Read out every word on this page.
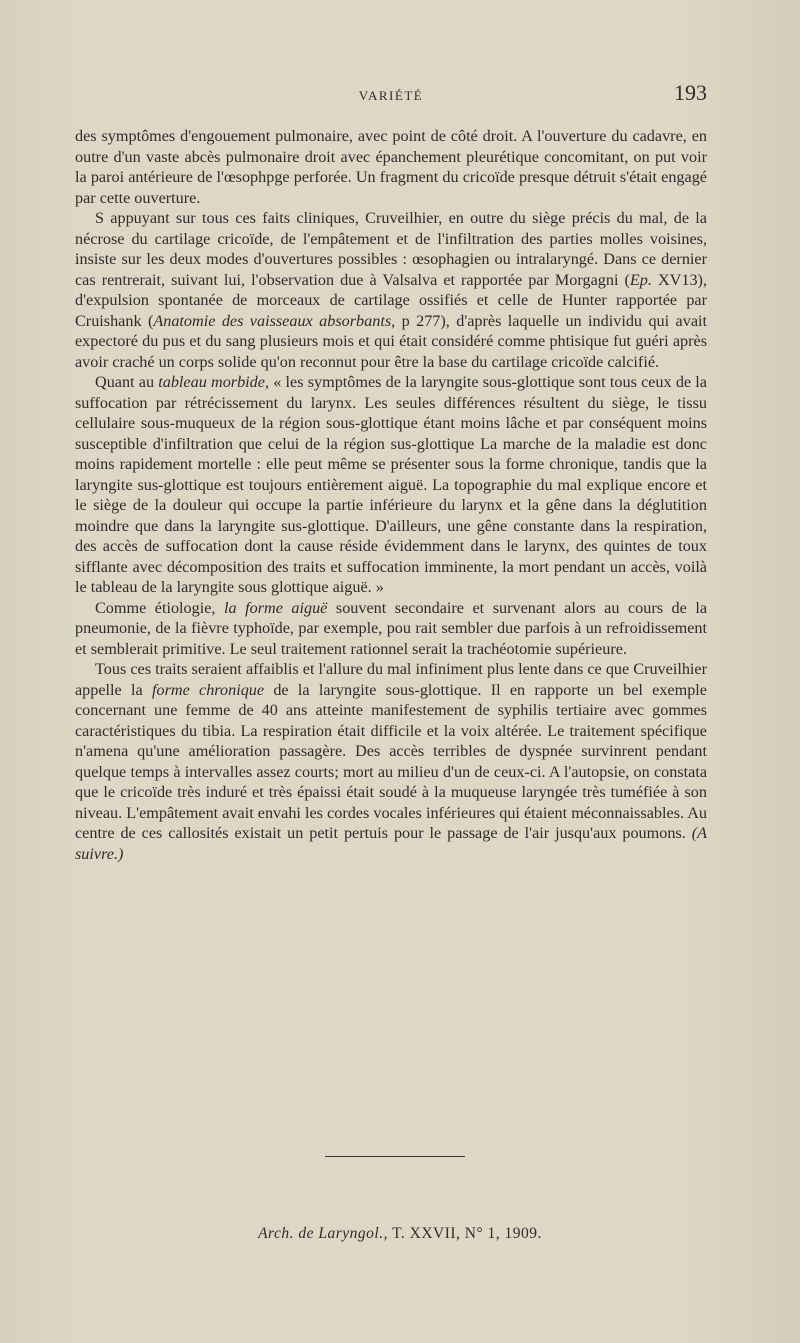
VARIÉTÉ	193

des symptômes d'engouement pulmonaire, avec point de côté droit. A l'ouverture du cadavre, en outre d'un vaste abcès pulmonaire droit avec épanchement pleurétique concomitant, on put voir la paroi antérieure de l'œsophpge perforée. Un fragment du cricoïde presque détruit s'était engagé par cette ouverture.

S appuyant sur tous ces faits cliniques, Cruveilhier, en outre du siège précis du mal, de la nécrose du cartilage cricoïde, de l'empâtement et de l'infiltration des parties molles voisines, insiste sur les deux modes d'ouvertures possibles : œsophagien ou intralaryngé. Dans ce dernier cas rentrerait, suivant lui, l'observation due à Valsalva et rapportée par Morgagni (Ep. XV13), d'expulsion spontanée de morceaux de cartilage ossifiés et celle de Hunter rapportée par Cruishank (Anatomie des vaisseaux absorbants, p 277), d'après laquelle un individu qui avait expectoré du pus et du sang plusieurs mois et qui était considéré comme phtisique fut guéri après avoir craché un corps solide qu'on reconnut pour être la base du cartilage cricoïde calcifié.

Quant au tableau morbide, « les symptômes de la laryngite sous-glottique sont tous ceux de la suffocation par rétrécissement du larynx. Les seules différences résultent du siège, le tissu cellulaire sous-muqueux de la région sous-glottique étant moins lâche et par conséquent moins susceptible d'infiltration que celui de la région sus-glottique La marche de la maladie est donc moins rapidement mortelle : elle peut même se présenter sous la forme chronique, tandis que la laryngite sus-glottique est toujours entièrement aiguë. La topographie du mal explique encore et le siège de la douleur qui occupe la partie inférieure du larynx et la gêne dans la déglutition moindre que dans la laryngite sus-glottique. D'ailleurs, une gêne constante dans la respiration, des accès de suffocation dont la cause réside évidemment dans le larynx, des quintes de toux sifflante avec décomposition des traits et suffocation imminente, la mort pendant un accès, voilà le tableau de la laryngite sous glottique aiguë. »

Comme étiologie, la forme aiguë souvent secondaire et survenant alors au cours de la pneumonie, de la fièvre typhoïde, par exemple, pou rait sembler due parfois à un refroidissement et semblerait primitive. Le seul traitement rationnel serait la trachéotomie supérieure.

Tous ces traits seraient affaiblis et l'allure du mal infiniment plus lente dans ce que Cruveilhier appelle la forme chronique de la laryngite sous-glottique. Il en rapporte un bel exemple concernant une femme de 40 ans atteinte manifestement de syphilis tertiaire avec gommes caractéristiques du tibia. La respiration était difficile et la voix altérée. Le traitement spécifique n'amena qu'une amélioration passagère. Des accès terribles de dyspnée survinrent pendant quelque temps à intervalles assez courts; mort au milieu d'un de ceux-ci. A l'autopsie, on constata que le cricoïde très induré et très épaissi était soudé à la muqueuse laryngée très tuméfiée à son niveau. L'empâtement avait envahi les cordes vocales inférieures qui étaient méconnaissables. Au centre de ces callosités existait un petit pertuis pour le passage de l'air jusqu'aux poumons. (A suivre.)

Arch. de Laryngol., T. XXVII, N° 1, 1909.
